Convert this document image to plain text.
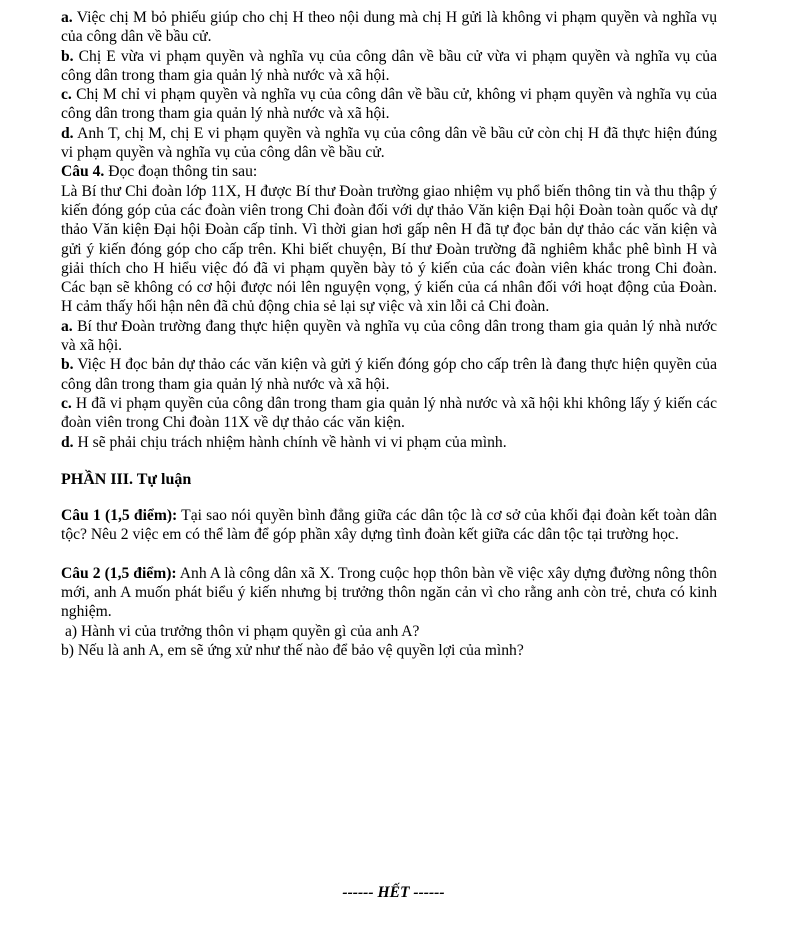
a. Việc chị M bỏ phiếu giúp cho chị H theo nội dung mà chị H gửi là không vi phạm quyền và nghĩa vụ của công dân về bầu cử.

b. Chị E vừa vi phạm quyền và nghĩa vụ của công dân về bầu cử vừa vi phạm quyền và nghĩa vụ của công dân trong tham gia quản lý nhà nước và xã hội.

c. Chị M chỉ vi phạm quyền và nghĩa vụ của công dân về bầu cử, không vi phạm quyền và nghĩa vụ của công dân trong tham gia quản lý nhà nước và xã hội.

d. Anh T, chị M, chị E vi phạm quyền và nghĩa vụ của công dân về bầu cử còn chị H đã thực hiện đúng vi phạm quyền và nghĩa vụ của công dân về bầu cử.

Câu 4. Đọc đoạn thông tin sau:

Là Bí thư Chi đoàn lớp 11X, H được Bí thư Đoàn trường giao nhiệm vụ phổ biến thông tin và thu thập ý kiến đóng góp của các đoàn viên trong Chi đoàn đối với dự thảo Văn kiện Đại hội Đoàn toàn quốc và dự thảo Văn kiện Đại hội Đoàn cấp tỉnh. Vì thời gian hơi gấp nên H đã tự đọc bản dự thảo các văn kiện và gửi ý kiến đóng góp cho cấp trên. Khi biết chuyện, Bí thư Đoàn trường đã nghiêm khắc phê bình H và giải thích cho H hiểu việc đó đã vi phạm quyền bày tỏ ý kiến của các đoàn viên khác trong Chi đoàn. Các bạn sẽ không có cơ hội được nói lên nguyện vọng, ý kiến của cá nhân đối với hoạt động của Đoàn. H cảm thấy hối hận nên đã chủ động chia sẻ lại sự việc và xin lỗi cả Chi đoàn.

a. Bí thư Đoàn trường đang thực hiện quyền và nghĩa vụ của công dân trong tham gia quản lý nhà nước và xã hội.

b. Việc H đọc bản dự thảo các văn kiện và gửi ý kiến đóng góp cho cấp trên là đang thực hiện quyền của công dân trong tham gia quản lý nhà nước và xã hội.

c. H đã vi phạm quyền của công dân trong tham gia quản lý nhà nước và xã hội khi không lấy ý kiến các đoàn viên trong Chi đoàn 11X về dự thảo các văn kiện.

d. H sẽ phải chịu trách nhiệm hành chính về hành vi vi phạm của mình.

PHẦN III. Tự luận

Câu 1 (1,5 điểm): Tại sao nói quyền bình đẳng giữa các dân tộc là cơ sở của khối đại đoàn kết toàn dân tộc? Nêu 2 việc em có thể làm để góp phần xây dựng tình đoàn kết giữa các dân tộc tại trường học.

Câu 2 (1,5 điểm): Anh A là công dân xã X. Trong cuộc họp thôn bàn về việc xây dựng đường nông thôn mới, anh A muốn phát biểu ý kiến nhưng bị trưởng thôn ngăn cản vì cho rằng anh còn trẻ, chưa có kinh nghiệm.

a) Hành vi của trưởng thôn vi phạm quyền gì của anh A?

b) Nếu là anh A, em sẽ ứng xử như thế nào để bảo vệ quyền lợi của mình?

------ HẾT ------
